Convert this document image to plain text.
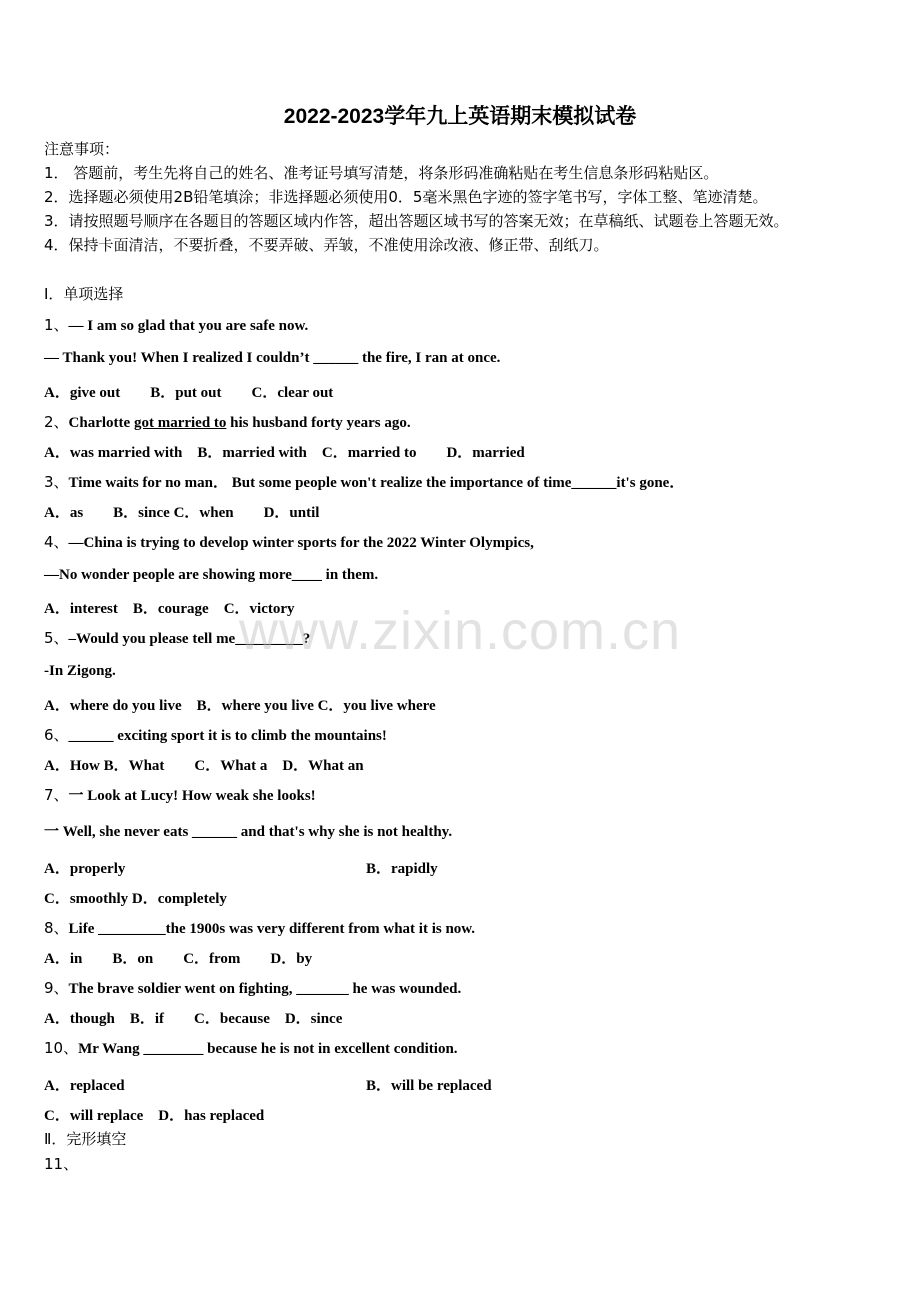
2022-2023学年九上英语期末模拟试卷
注意事项：
1． 答题前，考生先将自己的姓名、准考证号填写清楚，将条形码准确粘贴在考生信息条形码粘贴区。
2．选择题必须使用2B铅笔填涂；非选择题必须使用0．5毫米黑色字迹的签字笔书写，字体工整、笔迹清楚。
3．请按照题号顺序在各题目的答题区域内作答，超出答题区域书写的答案无效；在草稿纸、试题卷上答题无效。
4．保持卡面清洁，不要折叠，不要弄破、弄皱，不准使用涂改液、修正带、刮纸刀。
Ⅰ．单项选择
1、— I am so glad that you are safe now.
— Thank you! When I realized I couldn’t ______ the fire, I ran at once.
A．give out　　B．put out　　C．clear out
2、Charlotte got married to his husband forty years ago.
A．was married with　B．married with　C．married to　　D．married
3、Time waits for no man． But some people won't realize the importance of time______it's gone．
A．as　　B．since C．when　　D．until
4、—China is trying to develop winter sports for the 2022 Winter Olympics,
—No wonder people are showing more____ in them.
A．interest　B．courage　C．victory
5、–Would you please tell me_________?
-In Zigong.
A．where do you live　B．where you live C．you live where
6、______ exciting sport it is to climb the mountains!
A．How B．What　　C．What a　D．What an
7、一 Look at Lucy! How weak she looks!
一 Well, she never eats ______ and that's why she is not healthy.
A．properly	B．rapidly
C．smoothly D．completely
8、Life _________the 1900s was very different from what it is now.
A．in　　B．on　　C．from　　D．by
9、The brave soldier went on fighting, _______ he was wounded.
A．though　B．if　　C．because　D．since
10、Mr Wang ________ because he is not in excellent condition.
A．replaced	B．will be replaced
C．will replace　D．has replaced
Ⅱ．完形填空
11、
www.zixin.com.cn
